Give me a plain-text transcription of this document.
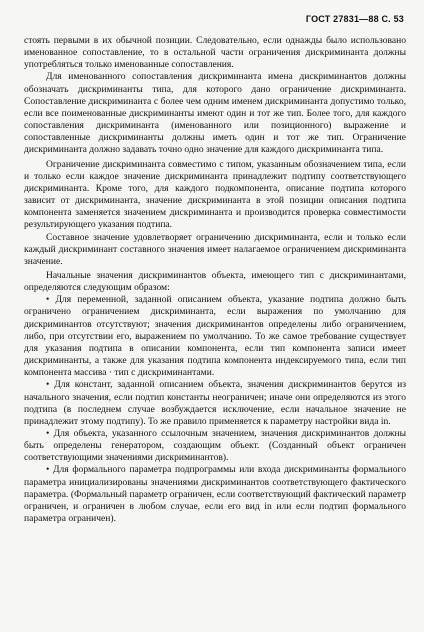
ГОСТ 27831—88 С. 53

стоять первыми в их обычной позиции. Следовательно, если однажды было использовано именованное сопоставление, то в остальной части ограничения дискриминанта должны употребляться только именованные сопоставления.

Для именованного сопоставления дискриминанта имена дискриминантов должны обозначать дискриминанты типа, для которого дано ограничение дискриминанта. Сопоставление дискриминанта с более чем одним именем дискриминанта допустимо только, если все поименованные дискриминанты имеют один и тот же тип. Более того, для каждого сопоставления дискриминанта (именованного или позиционного) выражение и сопоставленные дискриминанты должны иметь один и тот же тип. Ограничение дискриминанта должно задавать точно одно значение для каждого дискриминанта типа.

Ограничение дискриминанта совместимо с типом, указанным обозначением типа, если и только если каждое значение дискриминанта принадлежит подтипу соответствующего дискриминанта. Кроме того, для каждого подкомпонента, описание подтипа которого зависит от дискриминанта, значение дискриминанта в этой позиции описания подтипа компонента заменяется значением дискриминанта и производится проверка совместимости результирующего указания подтипа.

Составное значение удовлетворяет ограничению дискриминанта, если и только если каждый дискриминант составного значения имеет налагаемое ограничением дискриминанта значение.

Начальные значения дискриминантов объекта, имеющего тип с дискриминантами, определяются следующим образом:

• Для переменной, заданной описанием объекта, указание подтипа должно быть ограничено ограничением дискриминанта, если выражения по умолчанию для дискриминантов отсутствуют; значения дискриминантов определены либо ограничением, либо, при отсутствии его, выражением по умолчанию. То же самое требование существует для указания подтипа в описании компонента, если тип компонента записи имеет дискриминанты, а также для указания подтипа компонента индексируемого типа, если тип компонента массива · тип с дискриминантами.

• Для констант, заданной описанием объекта, значения дискриминантов берутся из начального значения, если подтип константы неограничен; иначе они определяются из этого подтипа (в последнем случае возбуждается исключение, если начальное значение не принадлежит этому подтипу). То же правило применяется к параметру настройки вида in.

• Для объекта, указанного ссылочным значением, значения дискриминантов должны быть определены генератором, создающим объект. (Созданный объект ограничен соответствующими значениями дискриминантов).

• Для формального параметра подпрограммы или входа дискриминанты формального параметра инициализированы значениями дискриминантов соответствующего фактического параметра. (Формальный параметр ограничен, если соответствующий фактический параметр ограничен, и ограничен в любом случае, если его вид in или если подтип формального параметра ограничен).
